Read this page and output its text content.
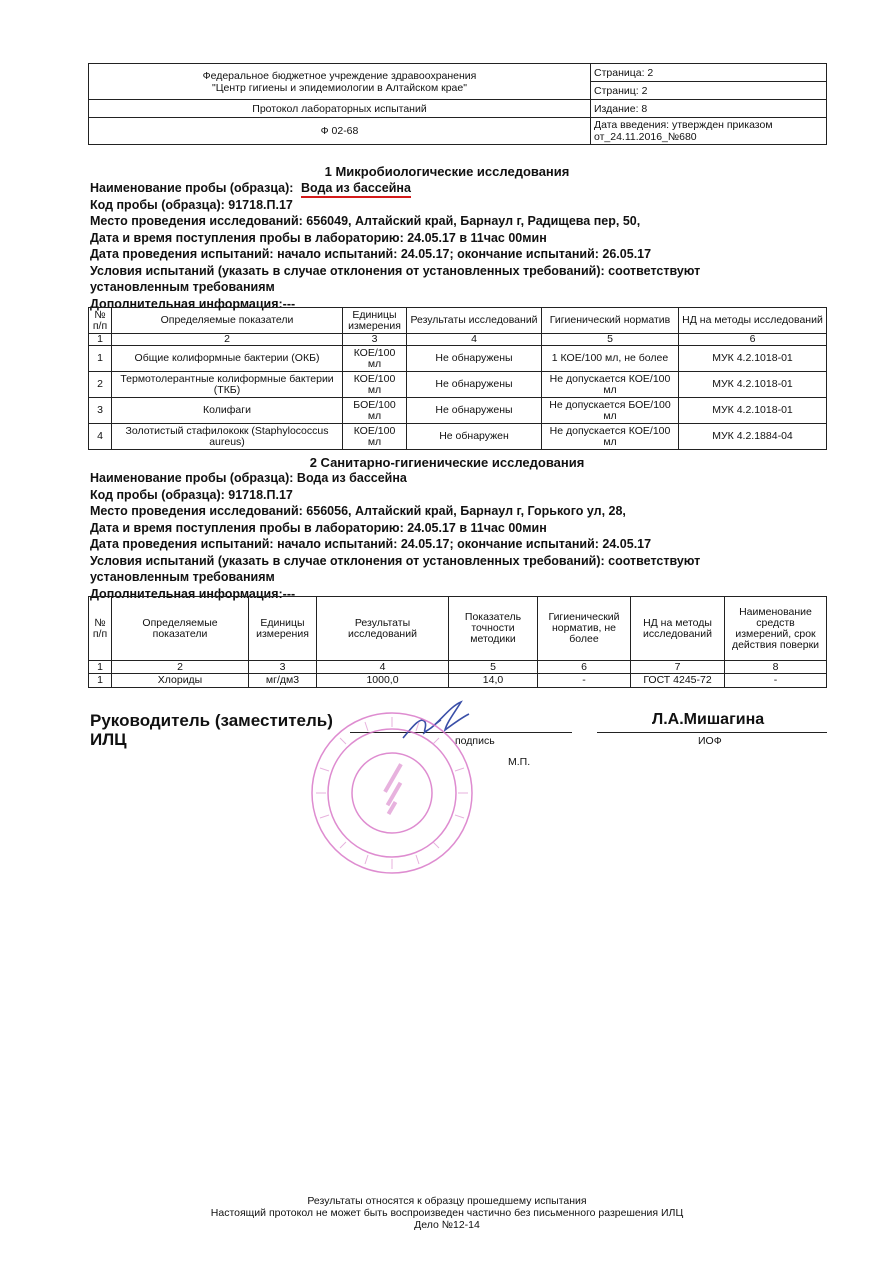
Федеральное бюджетное учреждение здравоохранения
"Центр гигиены и эпидемиологии в Алтайском крае"	Страница: 2
	Страниц: 2
Протокол лабораторных испытаний	Издание: 8
Ф 02-68	Дата введения: утвержден приказом
от_24.11.2016_№680
1 Микробиологические исследования
Наименование пробы (образца): Вода из бассейна
Код пробы (образца): 91718.П.17
Место проведения исследований: 656049, Алтайский край, Барнаул г, Радищева пер, 50,
Дата и время поступления пробы в лабораторию: 24.05.17 в 11час 00мин
Дата проведения испытаний: начало испытаний: 24.05.17; окончание испытаний: 26.05.17
Условия испытаний (указать в случае отклонения от установленных требований): соответствуют
установленным требованиям
Дополнительная информация:---
№ п/п	Определяемые показатели	Единицы измерения	Результаты исследований	Гигиенический норматив	НД на методы исследований
1	2	3	4	5	6
1	Общие колиформные бактерии (ОКБ)	КОЕ/100 мл	Не обнаружены	1 КОЕ/100 мл, не более	МУК 4.2.1018-01
2	Термотолерантные колиформные бактерии (ТКБ)	КОЕ/100 мл	Не обнаружены	Не допускается КОЕ/100 мл	МУК 4.2.1018-01
3	Колифаги	БОЕ/100 мл	Не обнаружены	Не допускается БОЕ/100 мл	МУК 4.2.1018-01
4	Золотистый стафилококк (Staphylococcus aureus)	КОЕ/100 мл	Не обнаружен	Не допускается КОЕ/100 мл	МУК 4.2.1884-04
2 Санитарно-гигиенические исследования
Наименование пробы (образца): Вода из бассейна
Код пробы (образца): 91718.П.17
Место проведения исследований: 656056, Алтайский край, Барнаул г, Горького ул, 28,
Дата и время поступления пробы в лабораторию: 24.05.17 в 11час 00мин
Дата проведения испытаний: начало испытаний: 24.05.17; окончание испытаний: 24.05.17
Условия испытаний (указать в случае отклонения от установленных требований): соответствуют
установленным требованиям
Дополнительная информация:---
№ п/п	Определяемые показатели	Единицы измерения	Результаты исследований	Показатель точности методики	Гигиенический норматив, не более	НД на методы исследований	Наименование средств измерений, срок действия поверки
1	2	3	4	5	6	7	8
1	Хлориды	мг/дм3	1000,0	14,0	-	ГОСТ 4245-72	-
Руководитель (заместитель)
ИЛЦ	подпись
Л.А.Мишагина
ИОФ
М.П.
Результаты относятся к образцу прошедшему испытания
Настоящий протокол не может быть воспроизведен частично без письменного разрешения ИЛЦ
Дело №12-14
